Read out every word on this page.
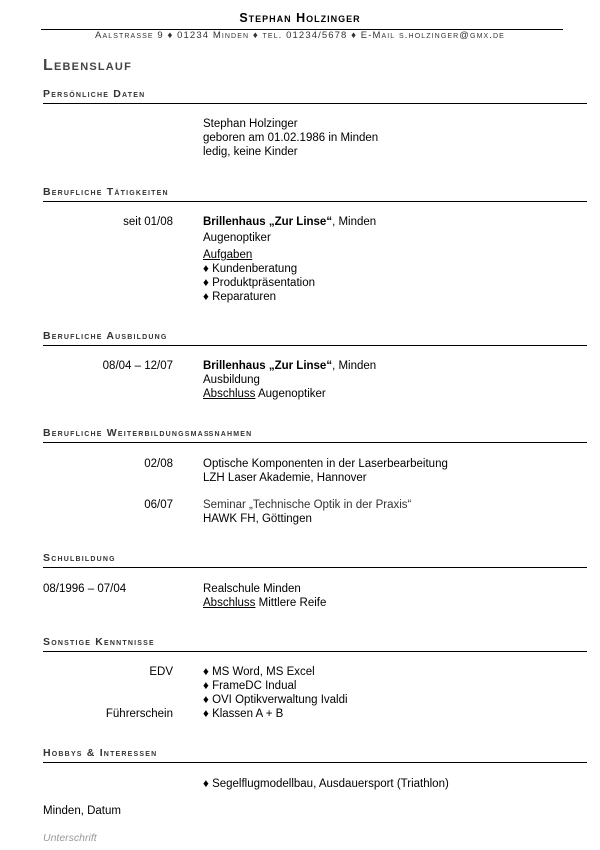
Stephan Holzinger
Aalstrasse 9 ♦ 01234 Minden ♦ tel. 01234/5678 ♦ E-Mail s.holzinger@gmx.de
Lebenslauf
Persönliche Daten
Stephan Holzinger
geboren am 01.02.1986 in Minden
ledig, keine Kinder
Berufliche Tätigkeiten
seit 01/08	Brillenhaus „Zur Linse“, Minden
Augenoptiker
Aufgaben
♦ Kundenberatung
♦ Produktpräsentation
♦ Reparaturen
Berufliche Ausbildung
08/04 – 12/07	Brillenhaus „Zur Linse“, Minden
Ausbildung
Abschluss Augenoptiker
Berufliche Weiterbildungsmaßnahmen
02/08	Optische Komponenten in der Laserbearbeitung
LZH Laser Akademie, Hannover
06/07	Seminar „Technische Optik in der Praxis“
HAWK FH, Göttingen
Schulbildung
08/1996 – 07/04	Realschule Minden
Abschluss Mittlere Reife
Sonstige Kenntnisse
EDV	♦ MS Word, MS Excel
♦ FrameDC Indual
♦ OVI Optikverwaltung Ivaldi
Führerschein	♦ Klassen A + B
Hobbys & Interessen
♦ Segelflugmodellbau, Ausdauersport (Triathlon)
Minden, Datum
Unterschrift
